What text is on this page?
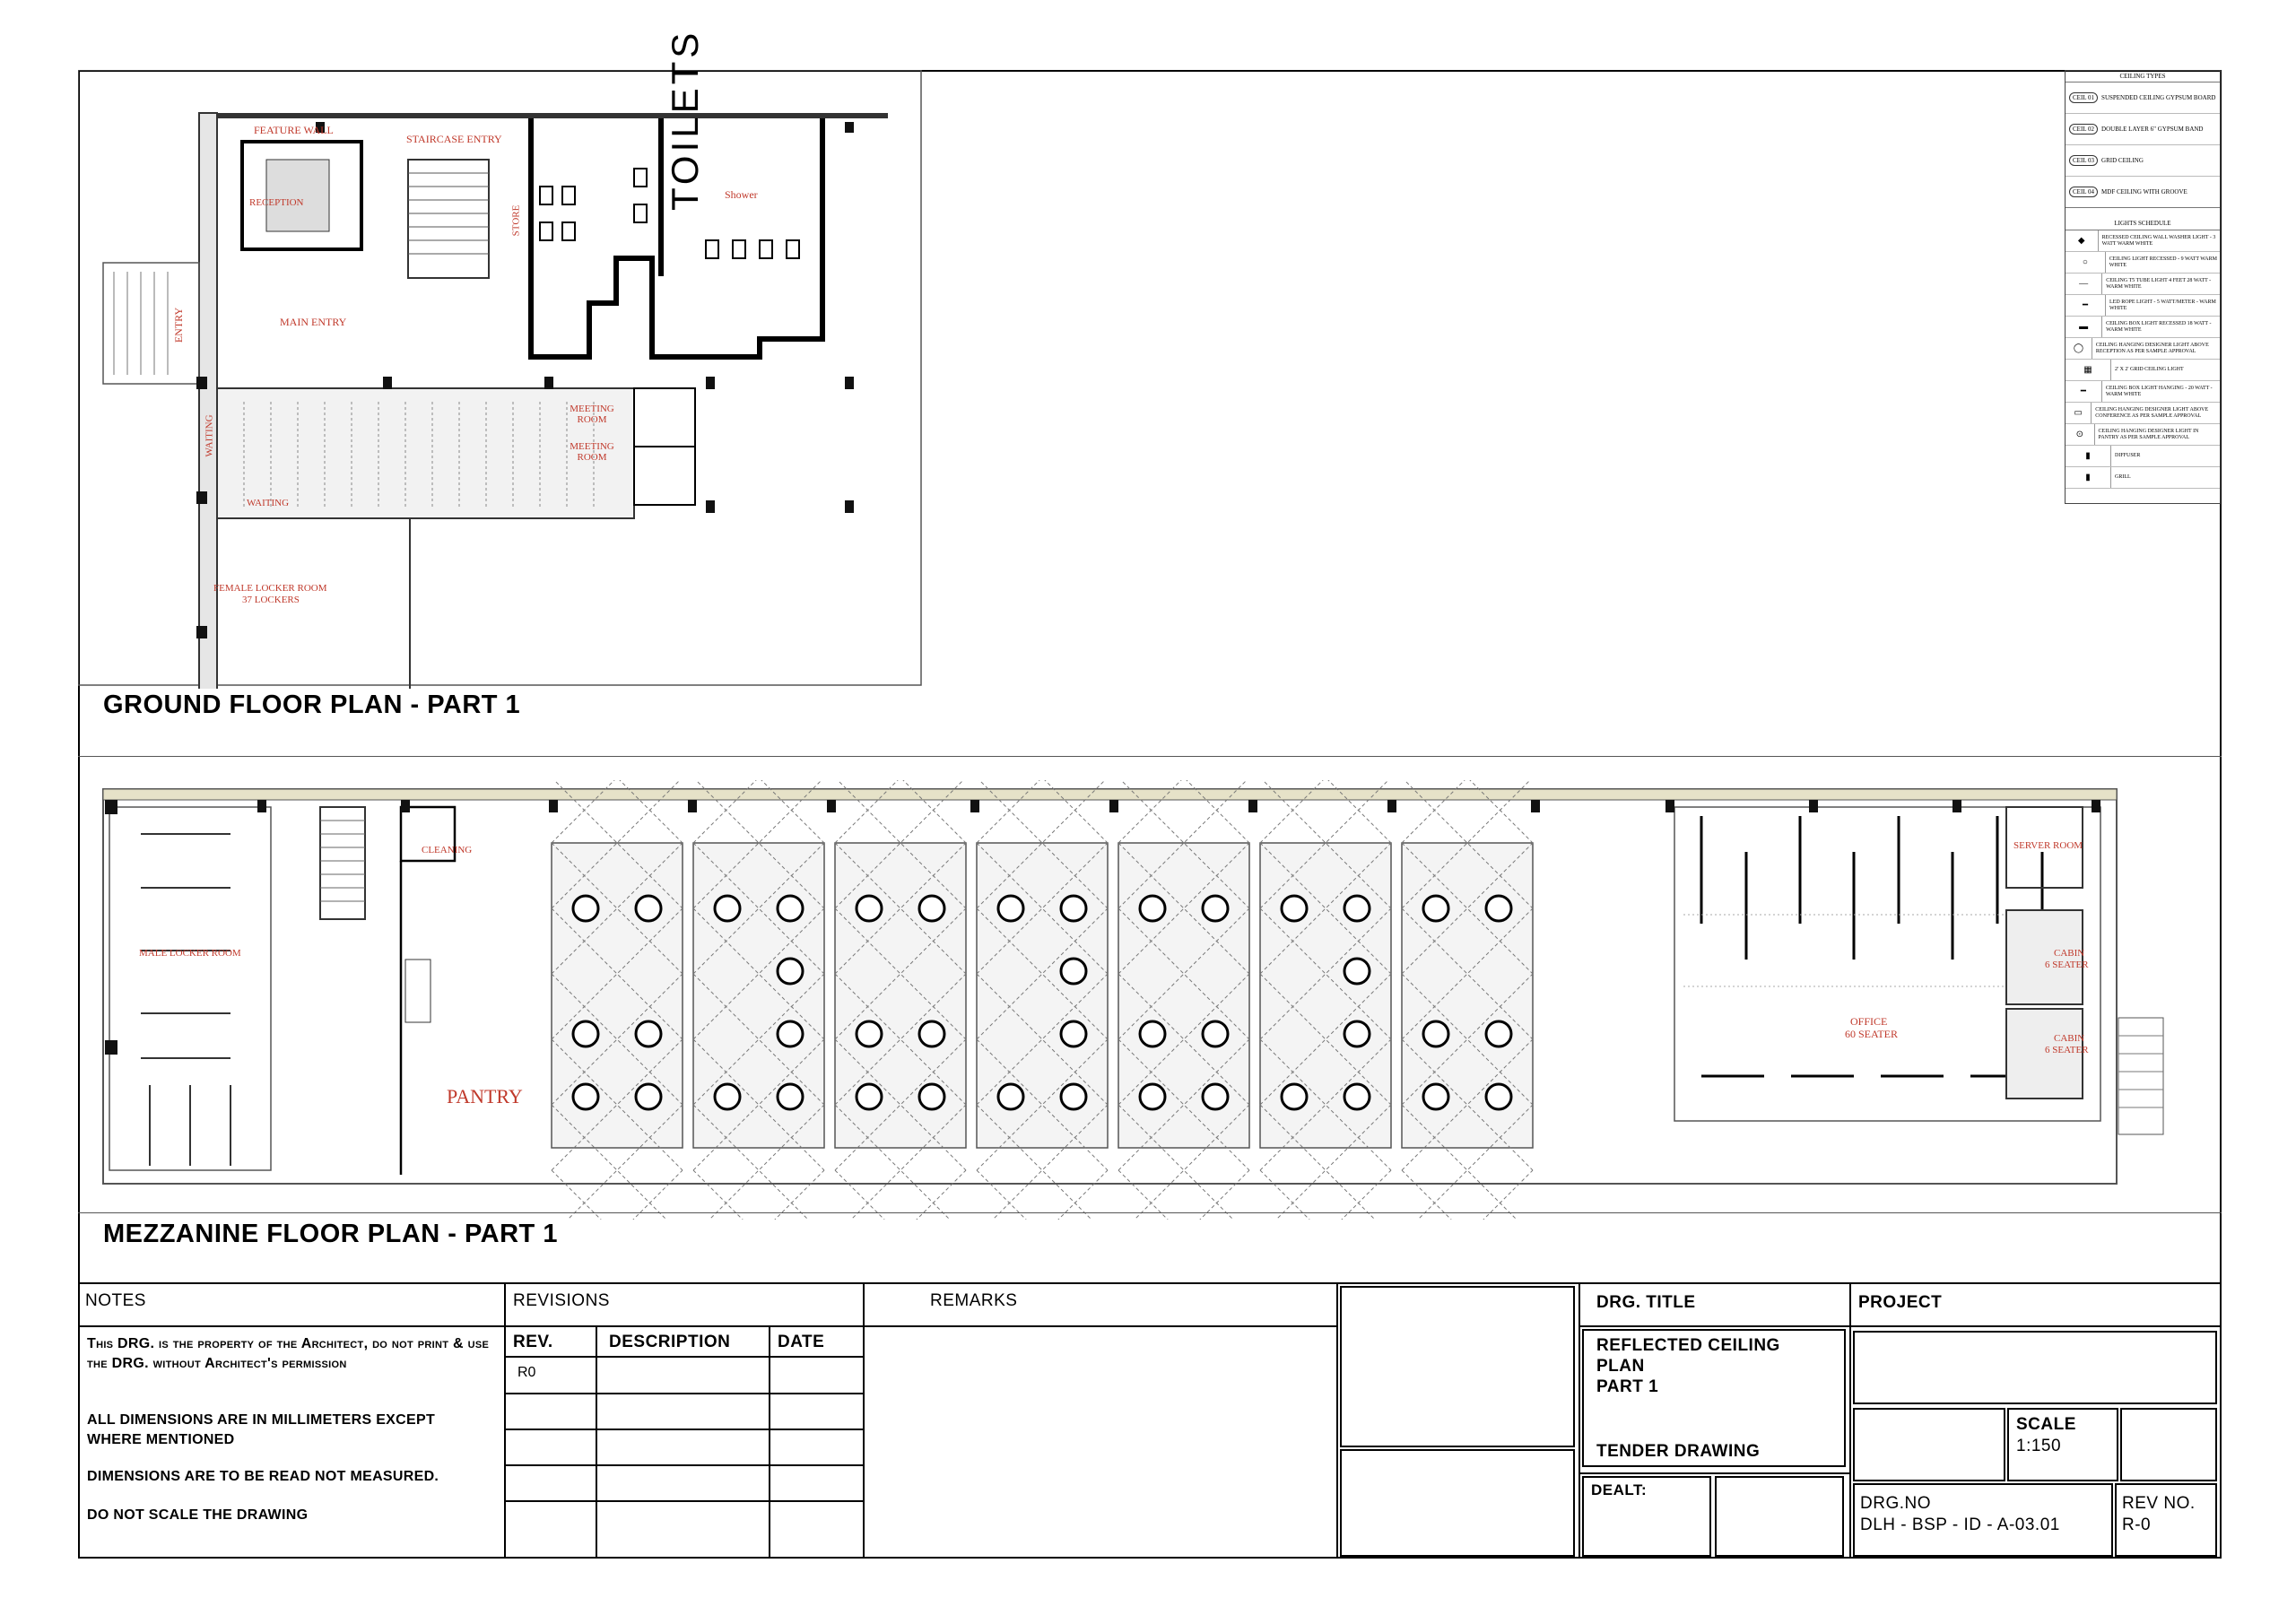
FEATURE WALL
STAIRCASE ENTRY
RECEPTION
STORE
TOILETS Shower
ENTRY	MAIN ENTRY
WAITING
MEETING ROOM
MEETING ROOM
WAITING
FEMALE LOCKER ROOM
37 LOCKERS
GROUND FLOOR PLAN - PART 1
CEILING TYPES
CEIL 01	SUSPENDED CEILING GYPSUM BOARD
CEIL 02	DOUBLE LAYER 6" GYPSUM BAND
CEIL 03	GRID CEILING
CEIL 04	MDF CEILING WITH GROOVE
LIGHTS SCHEDULE
◆	RECESSED CEILING WALL WASHER LIGHT - 3 WATT WARM WHITE
○	CEILING LIGHT RECESSED - 9 WATT WARM WHITE
—	CEILING T5 TUBE LIGHT 4 FEET 28 WATT - WARM WHITE
━	LED ROPE LIGHT - 5 WATT/METER - WARM WHITE
▬	CEILING BOX LIGHT RECESSED 18 WATT - WARM WHITE
◯	CEILING HANGING DESIGNER LIGHT ABOVE RECEPTION AS PER SAMPLE APPROVAL
▦	2' X 2' GRID CEILING LIGHT
━	CEILING BOX LIGHT HANGING - 20 WATT - WARM WHITE
▭	CEILING HANGING DESIGNER LIGHT ABOVE CONFERENCE AS PER SAMPLE APPROVAL
⊙	CEILING HANGING DESIGNER LIGHT IN PANTRY AS PER SAMPLE APPROVAL
▮	DIFFUSER
▮	GRILL
CLEANING
MALE LOCKER ROOM
PANTRY
OFFICE
60 SEATER
SERVER ROOM
CABIN
6 SEATER
CABIN
6 SEATER
MEZZANINE FLOOR PLAN - PART 1
NOTES
This DRG. is the property of the Architect, do not print & use the DRG. without Architect's permission
ALL DIMENSIONS ARE IN MILLIMETERS EXCEPT WHERE MENTIONED
DIMENSIONS ARE TO BE READ NOT MEASURED.
DO NOT SCALE THE DRAWING
REVISIONS
REV.	DESCRIPTION	DATE
R0
REMARKS	DRG. TITLE
REFLECTED CEILING
PLAN
PART 1
TENDER DRAWING
DEALT:
PROJECT
SCALE
1:150
DRG.NO
DLH - BSP - ID - A-03.01
REV NO.
R-0
